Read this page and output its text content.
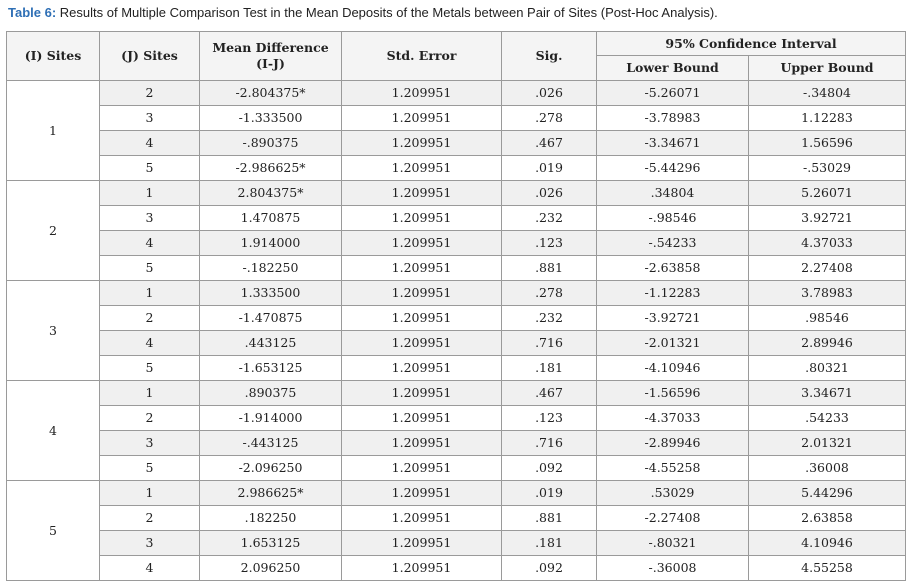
Table 6: Results of Multiple Comparison Test in the Mean Deposits of the Metals between Pair of Sites (Post-Hoc Analysis).
(I) Sites	(J) Sites	Mean Difference
(I-J)	Std. Error	Sig.	95% Confidence Interval	
					Lower Bound	Upper Bound
1	2	-2.804375*	1.209951	.026	-5.26071	-.34804
	3	-1.333500	1.209951	.278	-3.78983	1.12283
	4	-.890375	1.209951	.467	-3.34671	1.56596
	5	-2.986625*	1.209951	.019	-5.44296	-.53029
2	1	2.804375*	1.209951	.026	.34804	5.26071
	3	1.470875	1.209951	.232	-.98546	3.92721
	4	1.914000	1.209951	.123	-.54233	4.37033
	5	-.182250	1.209951	.881	-2.63858	2.27408
3	1	1.333500	1.209951	.278	-1.12283	3.78983
	2	-1.470875	1.209951	.232	-3.92721	.98546
	4	.443125	1.209951	.716	-2.01321	2.89946
	5	-1.653125	1.209951	.181	-4.10946	.80321
4	1	.890375	1.209951	.467	-1.56596	3.34671
	2	-1.914000	1.209951	.123	-4.37033	.54233
	3	-.443125	1.209951	.716	-2.89946	2.01321
	5	-2.096250	1.209951	.092	-4.55258	.36008
5	1	2.986625*	1.209951	.019	.53029	5.44296
	2	.182250	1.209951	.881	-2.27408	2.63858
	3	1.653125	1.209951	.181	-.80321	4.10946
	4	2.096250	1.209951	.092	-.36008	4.55258
